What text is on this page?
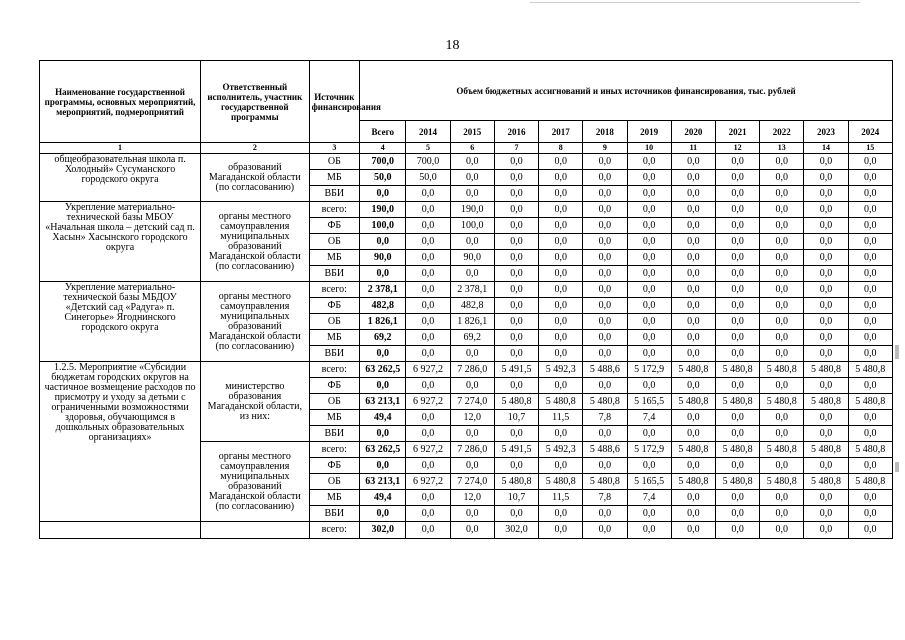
18
Наименование государственной программы, основных мероприятий, мероприятий, подмероприятий	Ответственный исполнитель, участник государственной программы	Источник финансирования	Объем бюджетных ассигнований и иных источников финансирования, тыс. рублей											
			Всего	2014	2015	2016	2017	2018	2019	2020	2021	2022	2023	2024
1	2	3	4	5	6	7	8	9	10	11	12	13	14	15
общеобразовательная школа п. Холодный» Сусуманского городского округа	образований Магаданской области (по согласованию)	ОБ	700,0	700,0	0,0	0,0	0,0	0,0	0,0	0,0	0,0	0,0	0,0	0,0
		МБ	50,0	50,0	0,0	0,0	0,0	0,0	0,0	0,0	0,0	0,0	0,0	0,0
		ВБИ	0,0	0,0	0,0	0,0	0,0	0,0	0,0	0,0	0,0	0,0	0,0	0,0
Укрепление материально-технической базы МБОУ «Начальная школа – детский сад п. Хасын» Хасынского городского округа	органы местного самоуправления муниципальных образований Магаданской области (по согласованию)	всего:	190,0	0,0	190,0	0,0	0,0	0,0	0,0	0,0	0,0	0,0	0,0	0,0
		ФБ	100,0	0,0	100,0	0,0	0,0	0,0	0,0	0,0	0,0	0,0	0,0	0,0
		ОБ	0,0	0,0	0,0	0,0	0,0	0,0	0,0	0,0	0,0	0,0	0,0	0,0
		МБ	90,0	0,0	90,0	0,0	0,0	0,0	0,0	0,0	0,0	0,0	0,0	0,0
		ВБИ	0,0	0,0	0,0	0,0	0,0	0,0	0,0	0,0	0,0	0,0	0,0	0,0
Укрепление материально-технической базы МБДОУ «Детский сад «Радуга» п. Синегорье» Ягоднинского городского округа	органы местного самоуправления муниципальных образований Магаданской области (по согласованию)	всего:	2 378,1	0,0	2 378,1	0,0	0,0	0,0	0,0	0,0	0,0	0,0	0,0	0,0
		ФБ	482,8	0,0	482,8	0,0	0,0	0,0	0,0	0,0	0,0	0,0	0,0	0,0
		ОБ	1 826,1	0,0	1 826,1	0,0	0,0	0,0	0,0	0,0	0,0	0,0	0,0	0,0
		МБ	69,2	0,0	69,2	0,0	0,0	0,0	0,0	0,0	0,0	0,0	0,0	0,0
		ВБИ	0,0	0,0	0,0	0,0	0,0	0,0	0,0	0,0	0,0	0,0	0,0	0,0
1.2.5. Мероприятие «Субсидии бюджетам городских округов на частичное возмещение расходов по присмотру и уходу за детьми с ограниченными возможностями здоровья, обучающимся в дошкольных образовательных организациях»	министерство образования Магаданской области, из них:	всего:	63 262,5	6 927,2	7 286,0	5 491,5	5 492,3	5 488,6	5 172,9	5 480,8	5 480,8	5 480,8	5 480,8	5 480,8
		ФБ	0,0	0,0	0,0	0,0	0,0	0,0	0,0	0,0	0,0	0,0	0,0	0,0
		ОБ	63 213,1	6 927,2	7 274,0	5 480,8	5 480,8	5 480,8	5 165,5	5 480,8	5 480,8	5 480,8	5 480,8	5 480,8
		МБ	49,4	0,0	12,0	10,7	11,5	7,8	7,4	0,0	0,0	0,0	0,0	0,0
		ВБИ	0,0	0,0	0,0	0,0	0,0	0,0	0,0	0,0	0,0	0,0	0,0	0,0
	органы местного самоуправления муниципальных образований Магаданской области (по согласованию)	всего:	63 262,5	6 927,2	7 286,0	5 491,5	5 492,3	5 488,6	5 172,9	5 480,8	5 480,8	5 480,8	5 480,8	5 480,8
		ФБ	0,0	0,0	0,0	0,0	0,0	0,0	0,0	0,0	0,0	0,0	0,0	0,0
		ОБ	63 213,1	6 927,2	7 274,0	5 480,8	5 480,8	5 480,8	5 165,5	5 480,8	5 480,8	5 480,8	5 480,8	5 480,8
		МБ	49,4	0,0	12,0	10,7	11,5	7,8	7,4	0,0	0,0	0,0	0,0	0,0
		ВБИ	0,0	0,0	0,0	0,0	0,0	0,0	0,0	0,0	0,0	0,0	0,0	0,0
		всего:	302,0	0,0	0,0	302,0	0,0	0,0	0,0	0,0	0,0	0,0	0,0	0,0
